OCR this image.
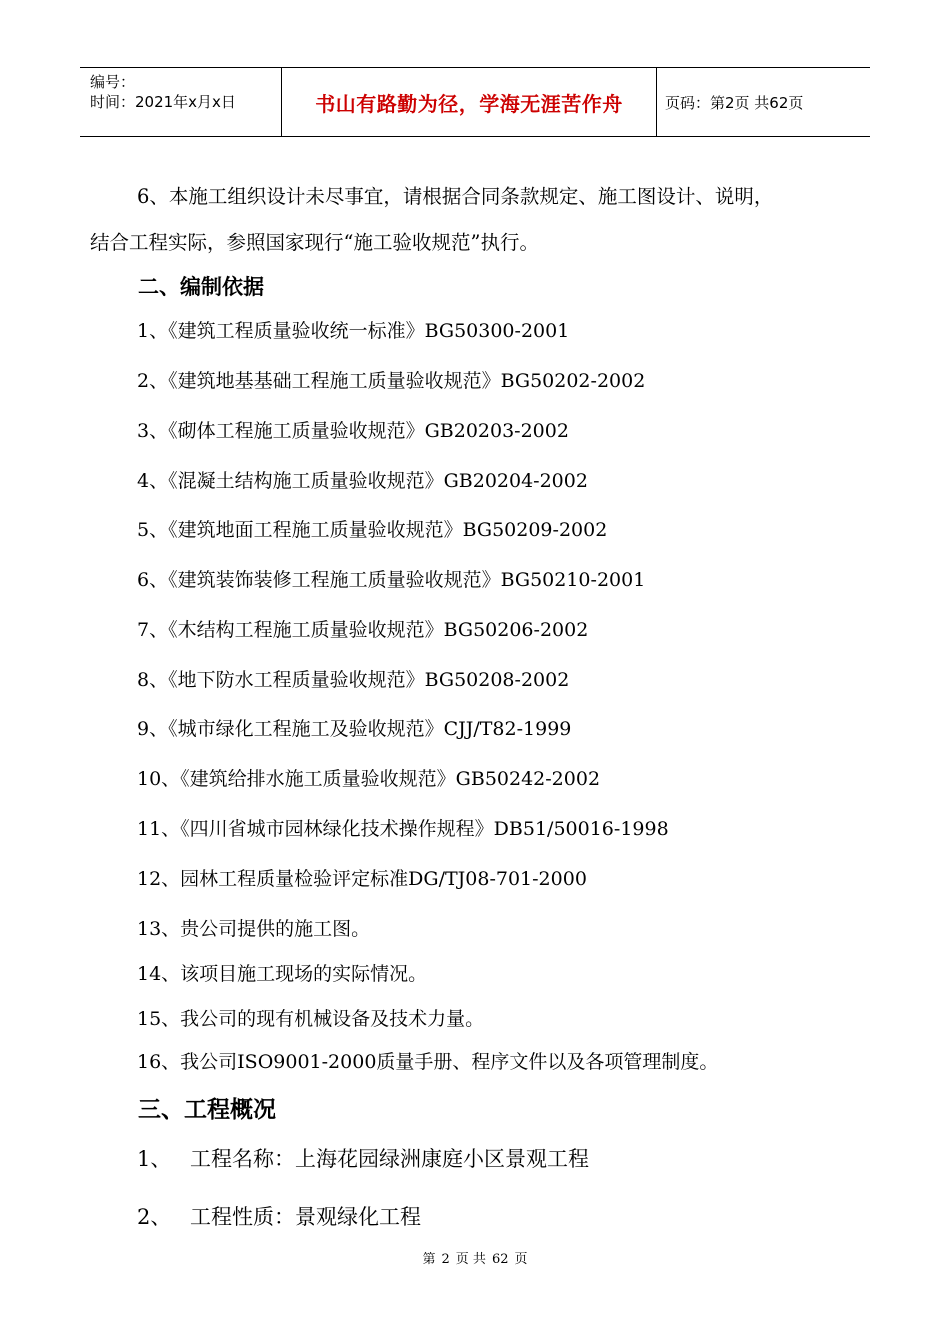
编号：
时间：2021年x月x日	书山有路勤为径，学海无涯苦作舟	页码：第2页 共62页
6、本施工组织设计未尽事宜，请根据合同条款规定、施工图设计、说明，
结合工程实际，参照国家现行“施工验收规范”执行。
二、编制依据
1、《建筑工程质量验收统一标准》BG50300-2001
2、《建筑地基基础工程施工质量验收规范》BG50202-2002
3、《砌体工程施工质量验收规范》GB20203-2002
4、《混凝土结构施工质量验收规范》GB20204-2002
5、《建筑地面工程施工质量验收规范》BG50209-2002
6、《建筑装饰装修工程施工质量验收规范》BG50210-2001
7、《木结构工程施工质量验收规范》BG50206-2002
8、《地下防水工程质量验收规范》BG50208-2002
9、《城市绿化工程施工及验收规范》CJJ/T82-1999
10、《建筑给排水施工质量验收规范》GB50242-2002
11、《四川省城市园林绿化技术操作规程》DB51/50016-1998
12、园林工程质量检验评定标准DG/TJ08-701-2000
13、贵公司提供的施工图。
14、该项目施工现场的实际情况。
15、我公司的现有机械设备及技术力量。
16、我公司ISO9001-2000质量手册、程序文件以及各项管理制度。
三、工程概况
1、 工程名称：上海花园绿洲康庭小区景观工程
2、 工程性质：景观绿化工程
第 2 页 共 62 页
